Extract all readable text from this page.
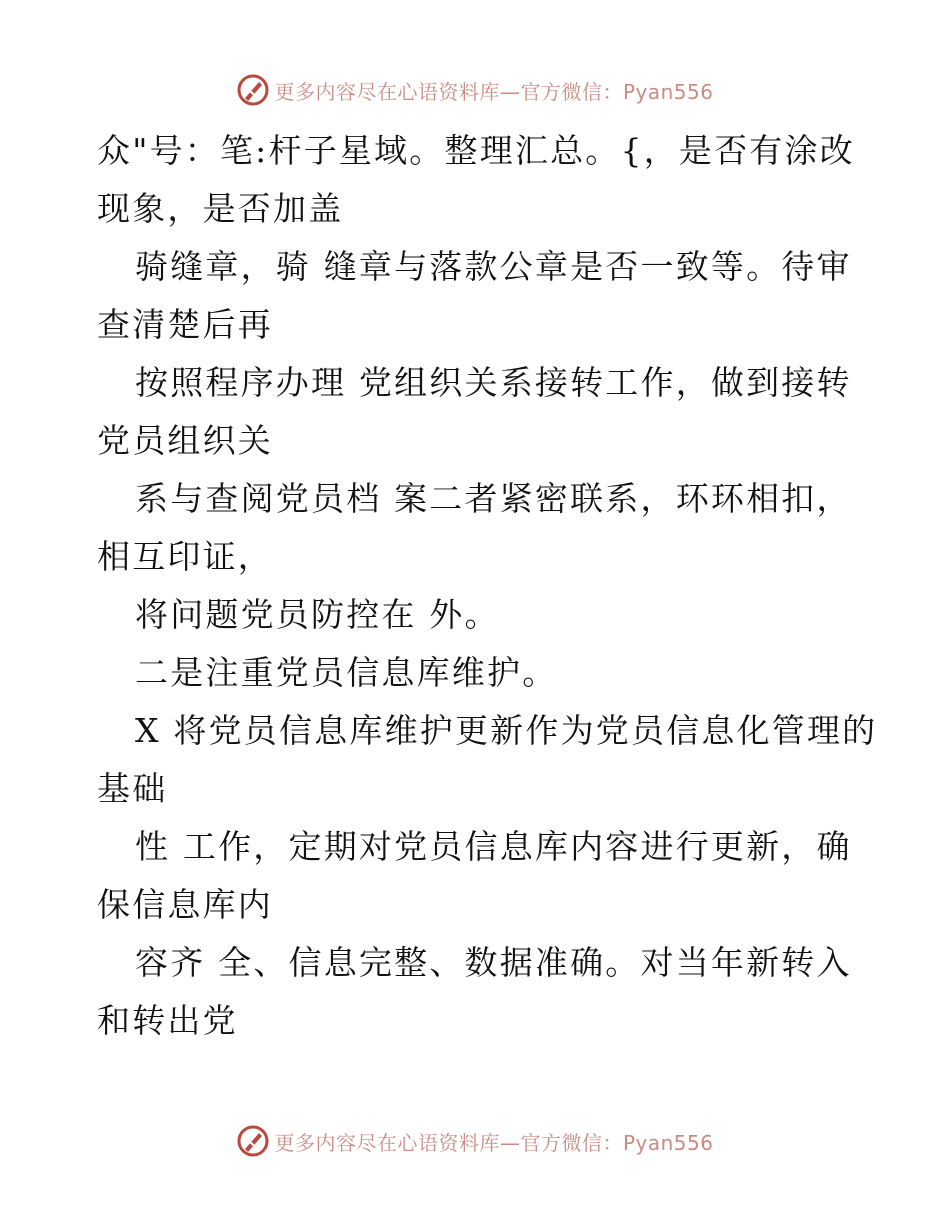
更多内容尽在心语资料库—官方微信：Pyan556
众"号：笔:杆子星域。整理汇总。{，是否有涂改
现象，是否加盖
骑缝章，骑 缝章与落款公章是否一致等。待审
查清楚后再
按照程序办理 党组织关系接转工作，做到接转
党员组织关
系与查阅党员档 案二者紧密联系，环环相扣，
相互印证，
将问题党员防控在 外。
二是注重党员信息库维护。
X 将党员信息库维护更新作为党员信息化管理的
基础
性 工作，定期对党员信息库内容进行更新，确
保信息库内
容齐 全、信息完整、数据准确。对当年新转入
和转出党
更多内容尽在心语资料库—官方微信：Pyan556
